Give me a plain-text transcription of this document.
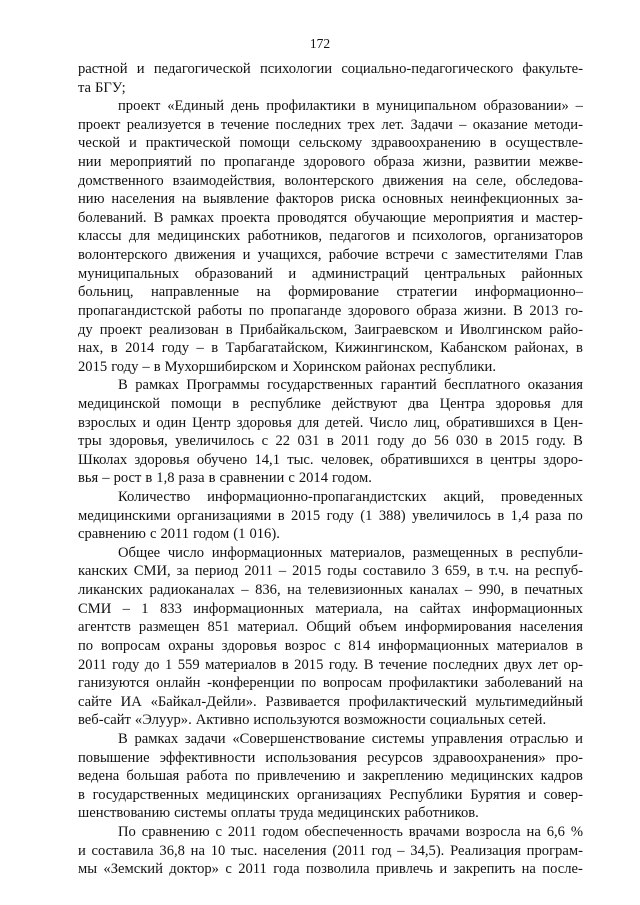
172
растной и педагогической психологии социально-педагогического факульте-
та БГУ;
проект «Единый день профилактики в муниципальном образовании» –
проект реализуется в течение последних трех лет. Задачи – оказание методи-
ческой и практической помощи сельскому здравоохранению в осуществле-
нии мероприятий по пропаганде здорового образа жизни, развитии межве-
домственного взаимодействия, волонтерского движения на селе, обследова-
нию населения на выявление факторов риска основных неинфекционных за-
болеваний. В рамках проекта проводятся обучающие мероприятия и мастер-
классы для медицинских работников, педагогов и психологов, организаторов
волонтерского движения и учащихся, рабочие встречи с заместителями Глав
муниципальных образований и администраций центральных районных
больниц, направленные на формирование стратегии информационно–
пропагандистской работы по пропаганде здорового образа жизни. В 2013 го-
ду проект реализован в Прибайкальском, Заиграевском и Иволгинском райо-
нах, в 2014 году – в Тарбагатайском, Кижингинском, Кабанском районах, в
2015 году – в Мухоршибирском и Хоринском районах республики.
В рамках Программы государственных гарантий бесплатного оказания
медицинской помощи в республике действуют два Центра здоровья для
взрослых и один Центр здоровья для детей. Число лиц, обратившихся в Цен-
тры здоровья, увеличилось с 22 031 в 2011 году до 56 030 в 2015 году. В
Школах здоровья обучено 14,1 тыс. человек, обратившихся в центры здоро-
вья – рост в 1,8 раза в сравнении с 2014 годом.
Количество информационно-пропагандистских акций, проведенных
медицинскими организациями в 2015 году (1 388) увеличилось в 1,4 раза по
сравнению с 2011 годом (1 016).
Общее число информационных материалов, размещенных в республи-
канских СМИ, за период 2011 – 2015 годы составило 3 659, в т.ч. на респуб-
ликанских радиоканалах – 836, на телевизионных каналах – 990, в печатных
СМИ – 1 833 информационных материала, на сайтах информационных
агентств размещен 851 материал. Общий объем информирования населения
по вопросам охраны здоровья возрос с 814 информационных материалов в
2011 году до 1 559 материалов в 2015 году. В течение последних двух лет ор-
ганизуются онлайн -конференции по вопросам профилактики заболеваний на
сайте ИА «Байкал-Дейли». Развивается профилактический мультимедийный
веб-сайт «Элуур». Активно используются возможности социальных сетей.
В рамках задачи «Совершенствование системы управления отраслью и
повышение эффективности использования ресурсов здравоохранения» про-
ведена большая работа по привлечению и закреплению медицинских кадров
в государственных медицинских организациях Республики Бурятия и совер-
шенствованию системы оплаты труда медицинских работников.
По сравнению с 2011 годом обеспеченность врачами возросла на 6,6 %
и составила 36,8 на 10 тыс. населения (2011 год – 34,5). Реализация програм-
мы «Земский доктор» с 2011 года позволила привлечь и закрепить на после-
